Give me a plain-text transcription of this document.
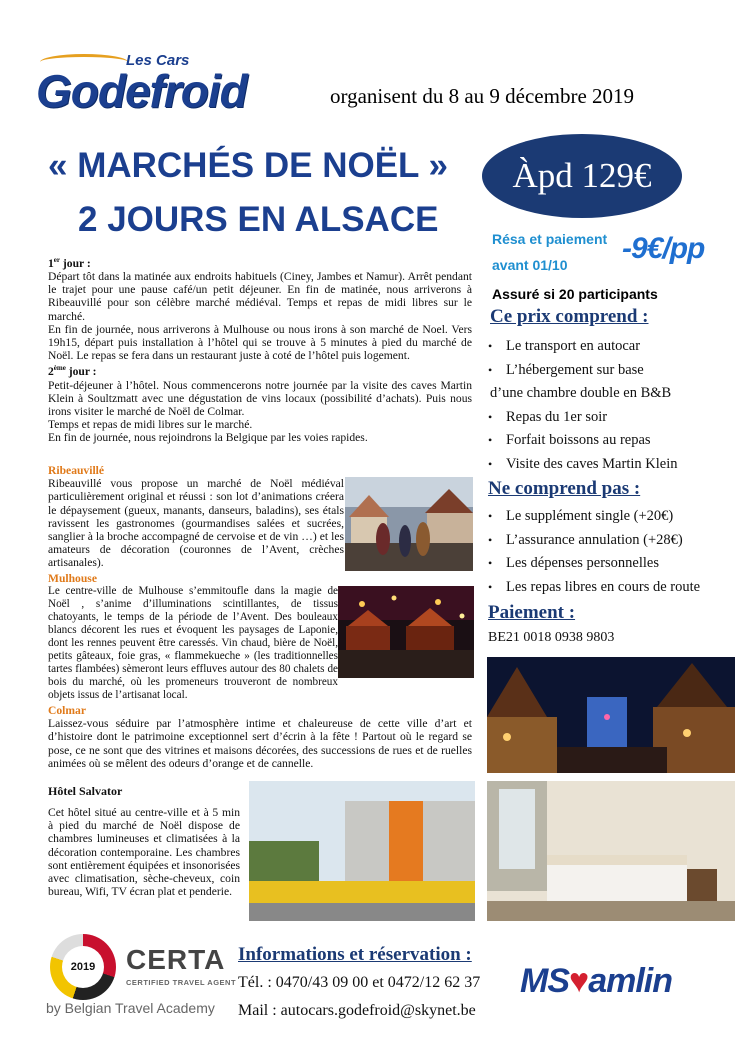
Les Cars
Godefroid	organisent du 8 au 9 décembre 2019
« MARCHÉS DE NOËL »
2 JOURS EN ALSACE
Àpd 129€
Résa et paiement
avant 01/10	-9€/pp
Assuré si 20 participants
1er jour :
Départ tôt dans la matinée aux endroits habituels (Ciney, Jambes et Namur). Arrêt pendant le trajet pour une pause café/un petit déjeuner. En fin de matinée, nous arriverons à Ribeauvillé pour son célèbre marché médiéval. Temps et repas de midi libres sur le marché.
En fin de journée, nous arriverons à Mulhouse ou nous irons à son marché de Noel. Vers 19h15, départ puis installation à l’hôtel qui se trouve à 5 minutes à pied du marché de Noël. Le repas se fera dans un restaurant juste à coté de l’hôtel puis logement.
2ème jour :
Petit-déjeuner à l’hôtel. Nous commencerons notre journée par la visite des caves Martin Klein à Soultzmatt avec une dégustation de vins locaux (possibilité d’achats). Puis nous irons visiter le marché de Noël de Colmar.
Temps et repas de midi libres sur le marché.
En fin de journée, nous rejoindrons la Belgique par les voies rapides.
Ribeauvillé
Ribeauvillé vous propose un marché de Noël médiéval particulièrement original et réussi : son lot d’animations créera le dépaysement (gueux, manants, danseurs, baladins), ses étals ravissent les gastronomes (gourmandises salées et sucrées, sanglier à la broche accompagné de cervoise et de vin …) et les amateurs de décoration (couronnes de l’Avent, crèches artisanales).
Mulhouse
Le centre-ville de Mulhouse s’emmitoufle dans la magie de Noël , s’anime d’illuminations scintillantes, de tissus chatoyants, le temps de la période de l’Avent. Des bouleaux blancs décorent les rues et évoquent les paysages de Laponie, dont les rennes peuvent être caressés. Vin chaud, bière de Noël, petits gâteaux, foie gras, « flammekueche » (les traditionnelles tartes flambées) sèmeront leurs effluves autour des 80 chalets de bois du marché, où les promeneurs trouveront de nombreux objets issus de l’artisanat local.
Colmar
Laissez-vous séduire par l’atmosphère intime et chaleureuse de cette ville d’art et d’histoire dont le patrimoine exceptionnel sert d’écrin à la fête ! Partout où le regard se pose, ce ne sont que des vitrines et maisons décorées, des successions de rues et de ruelles animées où se mêlent des odeurs d’orange et de cannelle.
Hôtel Salvator
Cet hôtel situé au centre-ville et à 5 min à pied du marché de Noël dispose de chambres lumineuses et climatisées à la décoration contemporaine. Les chambres sont entièrement équipées et insonorisées avec climatisation, sèche-cheveux, coin bureau, Wifi, TV écran plat et penderie.
Ce prix comprend :
• Le transport en autocar
• L’hébergement sur base
d’une chambre double en B&B
• Repas du 1er soir
• Forfait boissons au repas
• Visite des caves Martin Klein
Ne comprend pas :
• Le supplément single (+20€)
• L’assurance annulation (+28€)
• Les dépenses personnelles
• Les repas libres en cours de route
Paiement :
BE21 0018 0938 9803
2019	CERTA
CERTIFIED TRAVEL AGENT
by Belgian Travel Academy
Informations et réservation :
Tél. : 0470/43 09 00 et 0472/12 62 37
Mail : autocars.godefroid@skynet.be
MS♥amlin
